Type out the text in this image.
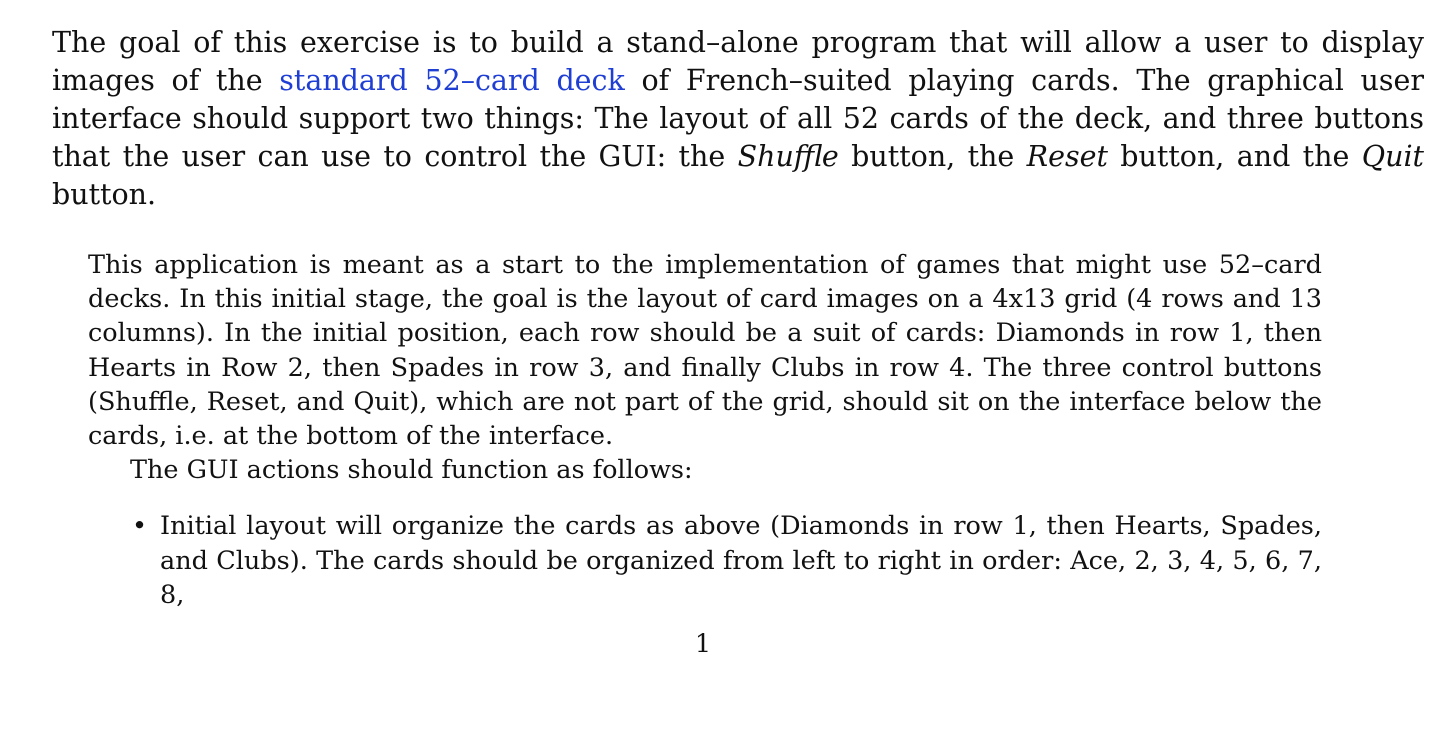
The goal of this exercise is to build a stand–alone program that will allow a user to display images of the standard 52–card deck of French–suited playing cards. The graphical user interface should support two things: The layout of all 52 cards of the deck, and three buttons that the user can use to control the GUI: the Shuffle button, the Reset button, and the Quit button.

This application is meant as a start to the implementation of games that might use 52–card decks. In this initial stage, the goal is the layout of card images on a 4x13 grid (4 rows and 13 columns). In the initial position, each row should be a suit of cards: Diamonds in row 1, then Hearts in Row 2, then Spades in row 3, and finally Clubs in row 4. The three control buttons (Shuffle, Reset, and Quit), which are not part of the grid, should sit on the interface below the cards, i.e. at the bottom of the interface.

The GUI actions should function as follows:

• Initial layout will organize the cards as above (Diamonds in row 1, then Hearts, Spades, and Clubs). The cards should be organized from left to right in order: Ace, 2, 3, 4, 5, 6, 7, 8,
1
